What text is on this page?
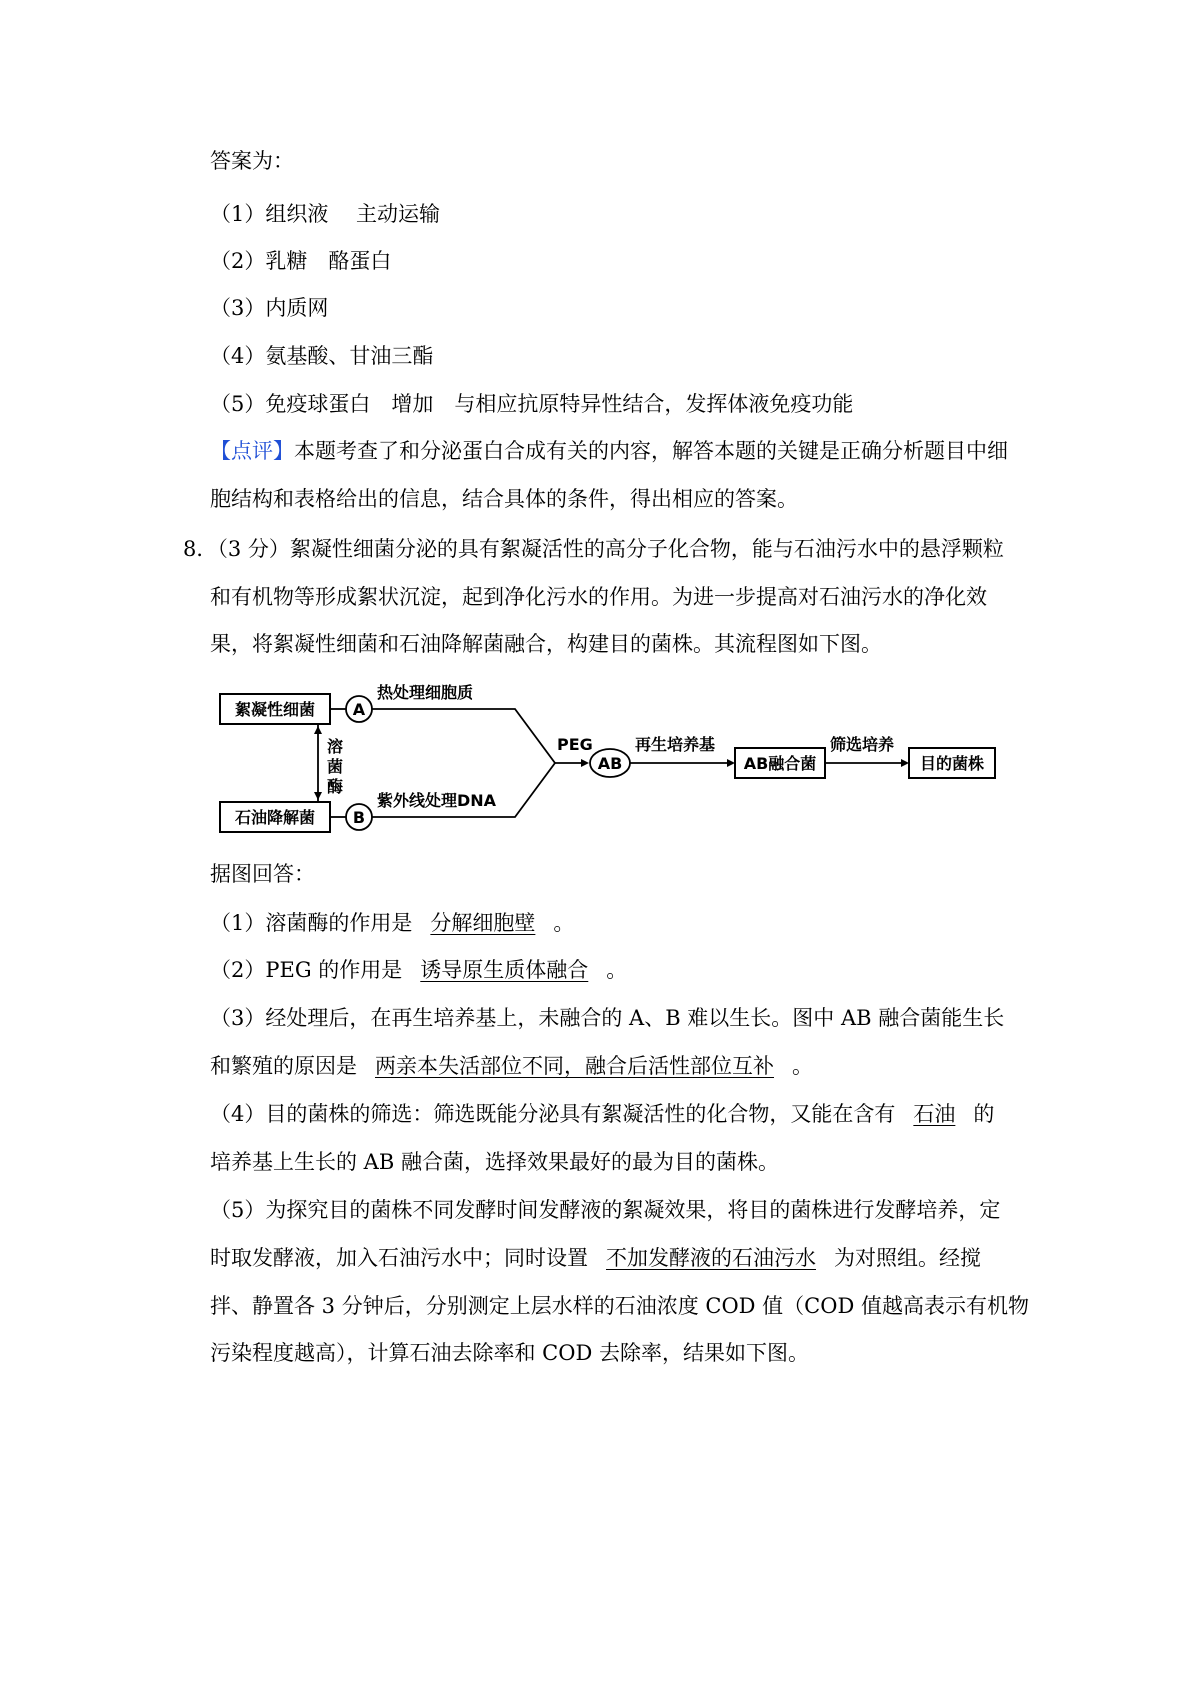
答案为：
（1）组织液　 主动运输
（2）乳糖　酪蛋白
（3）内质网
（4）氨基酸、甘油三酯
（5）免疫球蛋白　增加　与相应抗原特异性结合，发挥体液免疫功能
【点评】本题考查了和分泌蛋白合成有关的内容，解答本题的关键是正确分析题目中细
胞结构和表格给出的信息，结合具体的条件，得出相应的答案。
8．（3 分）絮凝性细菌分泌的具有絮凝活性的高分子化合物，能与石油污水中的悬浮颗粒
和有机物等形成絮状沉淀，起到净化污水的作用。为进一步提高对石油污水的净化效
果，将絮凝性细菌和石油降解菌融合，构建目的菌株。其流程图如下图。
絮凝性细菌
石油降解菌
溶
菌
酶
A
B
热处理细胞质
紫外线处理DNA
PEG
AB
再生培养基
AB融合菌
筛选培养
目的菌株
据图回答：
（1）溶菌酶的作用是 分解细胞壁 。
（2）PEG 的作用是 诱导原生质体融合 。
（3）经处理后，在再生培养基上，未融合的 A、B 难以生长。图中 AB 融合菌能生长
和繁殖的原因是 两亲本失活部位不同，融合后活性部位互补 。
（4）目的菌株的筛选：筛选既能分泌具有絮凝活性的化合物，又能在含有 石油 的
培养基上生长的 AB 融合菌，选择效果最好的最为目的菌株。
（5）为探究目的菌株不同发酵时间发酵液的絮凝效果，将目的菌株进行发酵培养，定
时取发酵液，加入石油污水中；同时设置 不加发酵液的石油污水 为对照组。经搅
拌、静置各 3 分钟后，分别测定上层水样的石油浓度 COD 值（COD 值越高表示有机物
污染程度越高），计算石油去除率和 COD 去除率，结果如下图。
